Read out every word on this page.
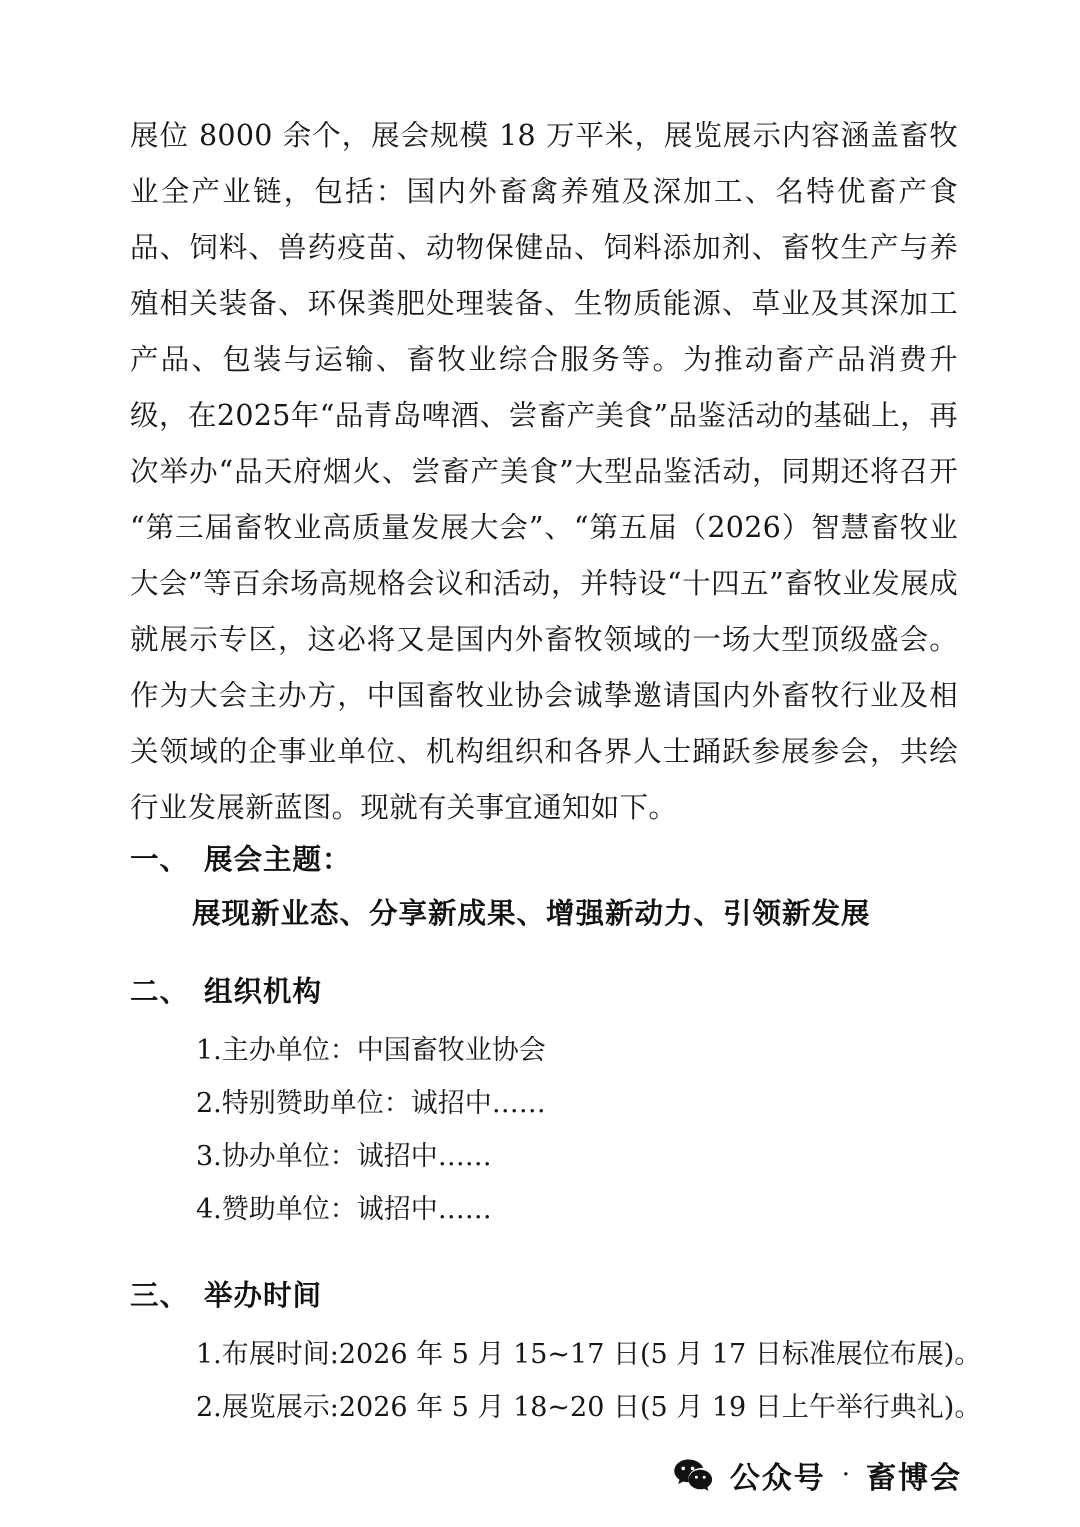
展位 8000 余个，展会规模 18 万平米，展览展示内容涵盖畜牧业全产业链，包括：国内外畜禽养殖及深加工、名特优畜产食品、饲料、兽药疫苗、动物保健品、饲料添加剂、畜牧生产与养殖相关装备、环保粪肥处理装备、生物质能源、草业及其深加工产品、包装与运输、畜牧业综合服务等。为推动畜产品消费升级，在2025年“品青岛啤酒、尝畜产美食”品鉴活动的基础上，再次举办“品天府烟火、尝畜产美食”大型品鉴活动，同期还将召开“第三届畜牧业高质量发展大会”、“第五届（2026）智慧畜牧业大会”等百余场高规格会议和活动，并特设“十四五”畜牧业发展成就展示专区，这必将又是国内外畜牧领域的一场大型顶级盛会。作为大会主办方，中国畜牧业协会诚挚邀请国内外畜牧行业及相关领域的企事业单位、机构组织和各界人士踊跃参展参会，共绘行业发展新蓝图。现就有关事宜通知如下。

一、 展会主题：
展现新业态、分享新成果、增强新动力、引领新发展
二、 组织机构
1.主办单位：中国畜牧业协会
2.特别赞助单位：诚招中……
3.协办单位：诚招中……
4.赞助单位：诚招中……
三、 举办时间
1.布展时间:2026 年 5 月 15~17 日(5 月 17 日标准展位布展)。
2.展览展示:2026 年 5 月 18~20 日(5 月 19 日上午举行典礼)。
公众号 · 畜博会
